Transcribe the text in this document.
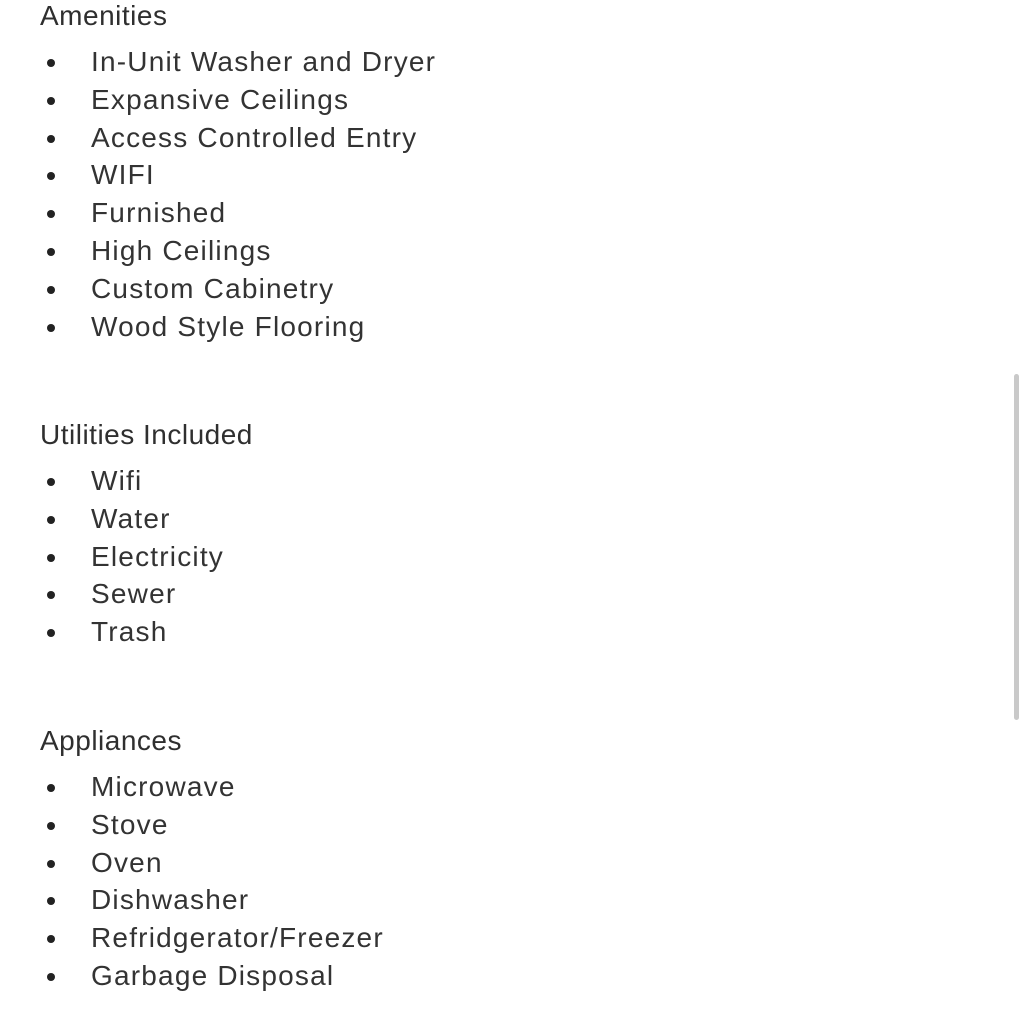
Amenities
In-Unit Washer and Dryer
Expansive Ceilings
Access Controlled Entry
WIFI
Furnished
High Ceilings
Custom Cabinetry
Wood Style Flooring
Utilities Included
Wifi
Water
Electricity
Sewer
Trash
Appliances
Microwave
Stove
Oven
Dishwasher
Refridgerator/Freezer
Garbage Disposal
